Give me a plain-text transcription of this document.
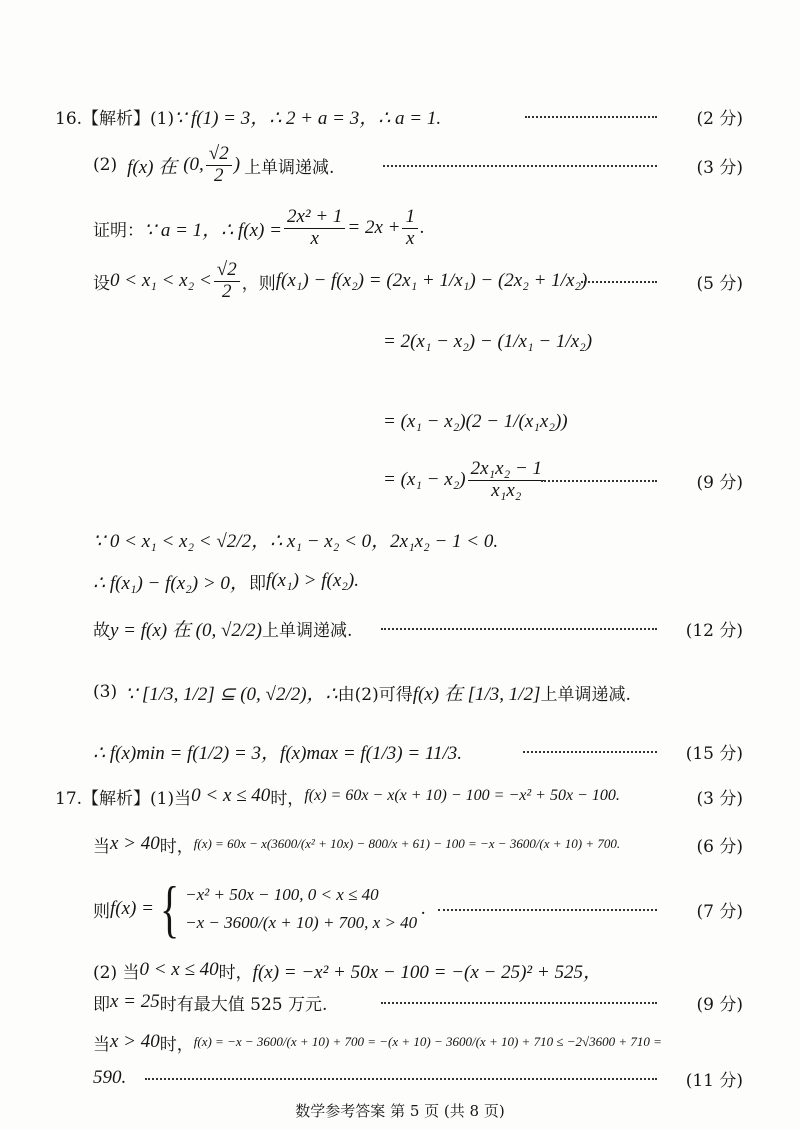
16.【解析】(1) ∵ f(1) = 3，∴ 2 + a = 3，∴ a = 1.	(2 分)
(2) f(x) 在 (0, $\frac{√2}{2}$ ) 上单调递减.	(3 分)
证明： ∵ a = 1，∴ $f(x) = \frac{\text{2x² + 1}}{x} = 2x + \frac{1}{x}$ .
设 $0 < x_1 < x_2 < \frac{√2}{2}$ ，则 f(x₁) − f(x₂) = (2x₁ + 1/x₁) − (2x₂ + 1/x₂)	(5 分)
= 2(x₁ − x₂) − (1/x₁ − 1/x₂)
= (x₁ − x₂)(2 − 1/(x₁x₂))
= $(x_1 - x_2) \frac{\text{2x₁x₂ − 1}}{\text{x₁x₂}}$	(9 分)
∵ 0 < x₁ < x₂ < √2/2，∴ x₁ − x₂ < 0，2x₁x₂ − 1 < 0.
∴ f(x₁) − f(x₂) > 0， 即 f(x₁) > f(x₂).
故 y = f(x) 在 (0, √2/2) 上单调递减.	(12 分)
(3) ∵ [1/3, 1/2] ⊆ (0, √2/2)，∴ 由(2)可得 f(x) 在 [1/3, 1/2] 上单调递减.
∴ f(x)min = f(1/2) = 3，f(x)max = f(1/3) = 11/3.	(15 分)
17.【解析】(1) 当 0 < x ≤ 40 时， f(x) = 60x − x(x + 10) − 100 = −x² + 50x − 100.	(3 分)
当 x > 40 时， f(x) = 60x − x(3600/(x² + 10x) − 800/x + 61) − 100 = −x − 3600/(x + 10) + 700.	(6 分)
则 f(x) = { −x² + 50x − 100, 0 < x ≤ 40
−x − 3600/(x + 10) + 700, x > 40
.	(7 分)
(2) 当 0 < x ≤ 40 时， f(x) = −x² + 50x − 100 = −(x − 25)² + 525，
即 x = 25 时有最大值 525 万元.	(9 分)
当 x > 40 时， f(x) = −x − 3600/(x + 10) + 700 = −(x + 10) − 3600/(x + 10) + 710 ≤ −2√3600 + 710 =
590.	(11 分)
数学参考答案 第 5 页 (共 8 页)
